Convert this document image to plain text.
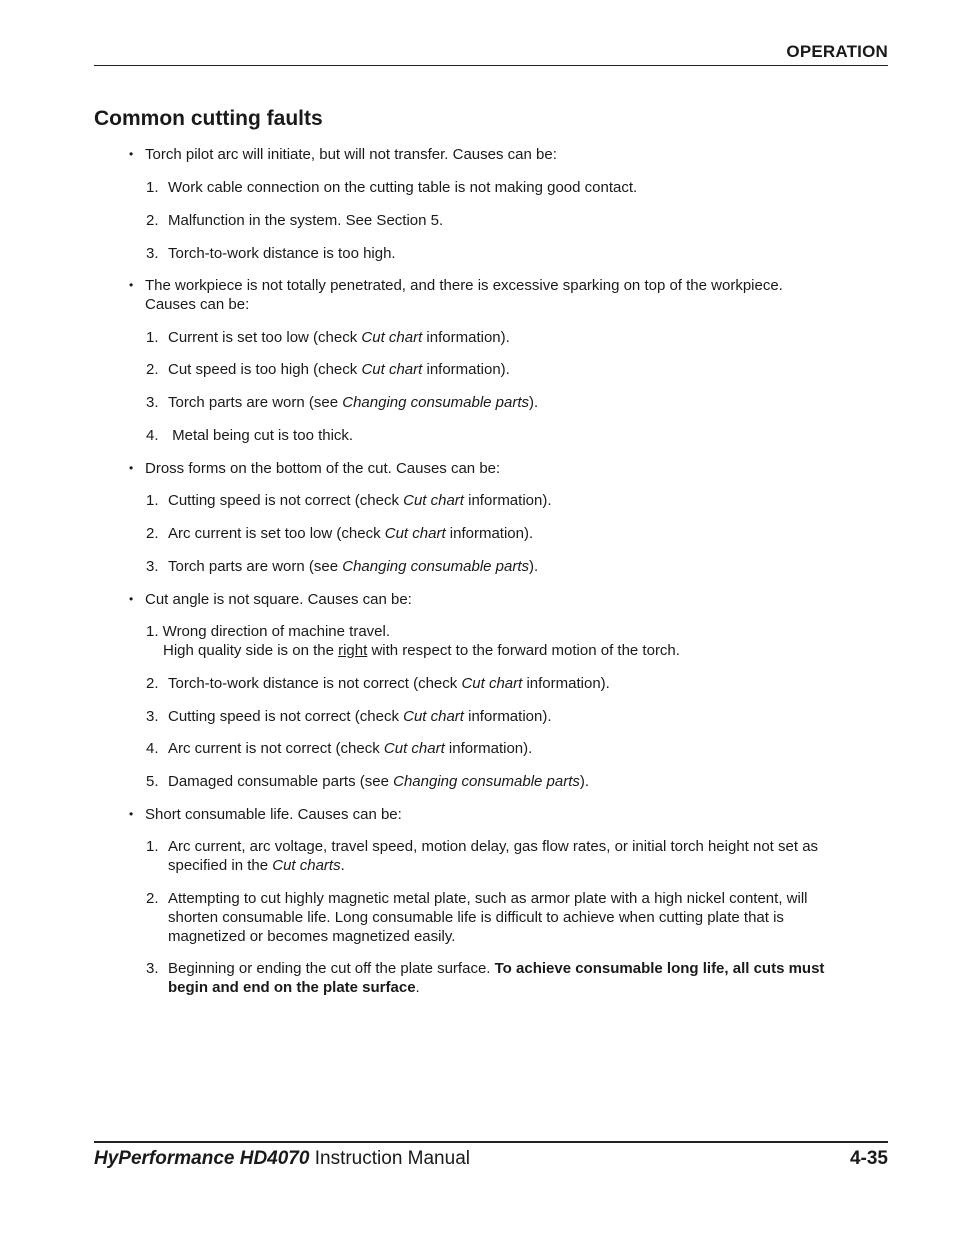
OPERATION
Common cutting faults
• Torch pilot arc will initiate, but will not transfer. Causes can be:
1. Work cable connection on the cutting table is not making good contact.
2. Malfunction in the system. See Section 5.
3. Torch-to-work distance is too high.
• The workpiece is not totally penetrated, and there is excessive sparking on top of the workpiece.
Causes can be:
1. Current is set too low (check Cut chart information).
2. Cut speed is too high (check Cut chart information).
3. Torch parts are worn (see Changing consumable parts).
4. Metal being cut is too thick.
• Dross forms on the bottom of the cut. Causes can be:
1. Cutting speed is not correct (check Cut chart information).
2. Arc current is set too low (check Cut chart information).
3. Torch parts are worn (see Changing consumable parts).
• Cut angle is not square. Causes can be:
1. Wrong direction of machine travel.
High quality side is on the right with respect to the forward motion of the torch.
2. Torch-to-work distance is not correct (check Cut chart information).
3. Cutting speed is not correct (check Cut chart information).
4. Arc current is not correct (check Cut chart information).
5. Damaged consumable parts (see Changing consumable parts).
• Short consumable life. Causes can be:
1. Arc current, arc voltage, travel speed, motion delay, gas flow rates, or initial torch height not set as
specified in the Cut charts.
2. Attempting to cut highly magnetic metal plate, such as armor plate with a high nickel content, will
shorten consumable life. Long consumable life is difficult to achieve when cutting plate that is
magnetized or becomes magnetized easily.
3. Beginning or ending the cut off the plate surface. To achieve consumable long life, all cuts must
begin and end on the plate surface.
HyPerformance HD4070 Instruction Manual	4-35
